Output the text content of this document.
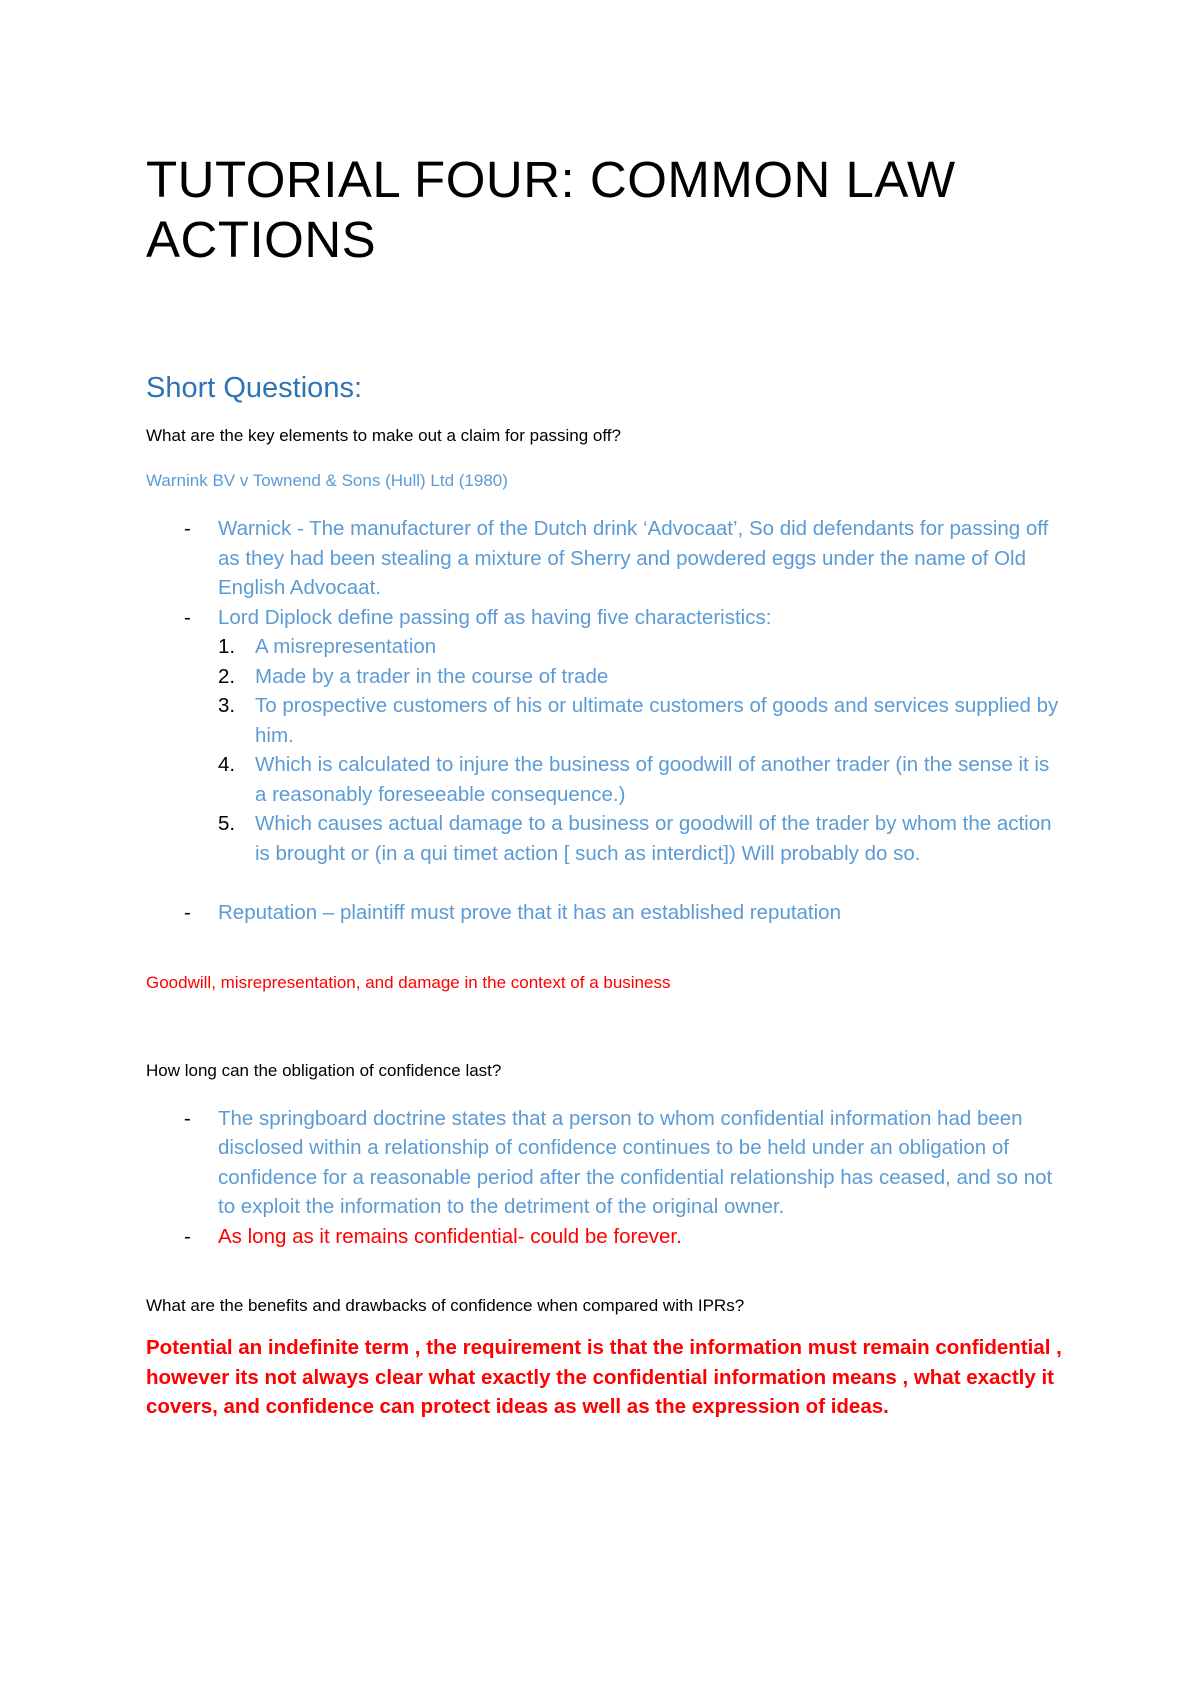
TUTORIAL FOUR: COMMON LAW ACTIONS
Short Questions:

What are the key elements to make out a claim for passing off?

Warnink BV v Townend & Sons (Hull) Ltd (1980)

- Warnick - The manufacturer of the Dutch drink ‘Advocaat’, So did defendants for passing off as they had been stealing a mixture of Sherry and powdered eggs under the name of Old English Advocaat.
- Lord Diplock define passing off as having five characteristics:
1. A misrepresentation
2. Made by a trader in the course of trade
3. To prospective customers of his or ultimate customers of goods and services supplied by him.
4. Which is calculated to injure the business of goodwill of another trader (in the sense it is a reasonably foreseeable consequence.)
5. Which causes actual damage to a business or goodwill of the trader by whom the action is brought or (in a qui timet action [ such as interdict]) Will probably do so.
- Reputation – plaintiff must prove that it has an established reputation

Goodwill, misrepresentation, and damage in the context of a business

How long can the obligation of confidence last?

- The springboard doctrine states that a person to whom confidential information had been disclosed within a relationship of confidence continues to be held under an obligation of confidence for a reasonable period after the confidential relationship has ceased, and so not to exploit the information to the detriment of the original owner.
- As long as it remains confidential- could be forever.

What are the benefits and drawbacks of confidence when compared with IPRs?

Potential an indefinite term , the requirement is that the information must remain confidential , however its not always clear what exactly the confidential information means , what exactly it covers, and confidence can protect ideas as well as the expression of ideas.
